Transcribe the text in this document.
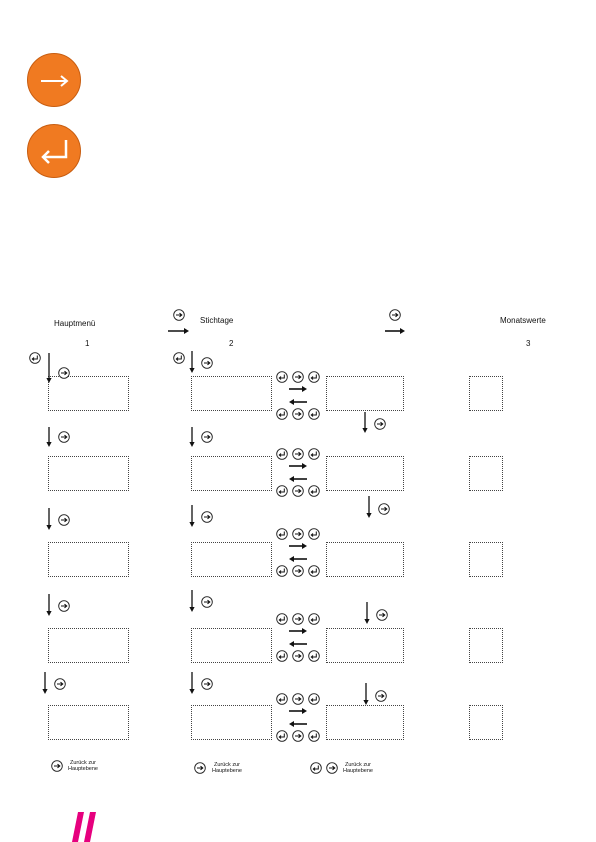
Hauptmenü
1
Stichtage
2
Monatswerte
3
Zurück zur
Hauptebene
Zurück zur
Hauptebene
Zurück zur
Hauptebene
